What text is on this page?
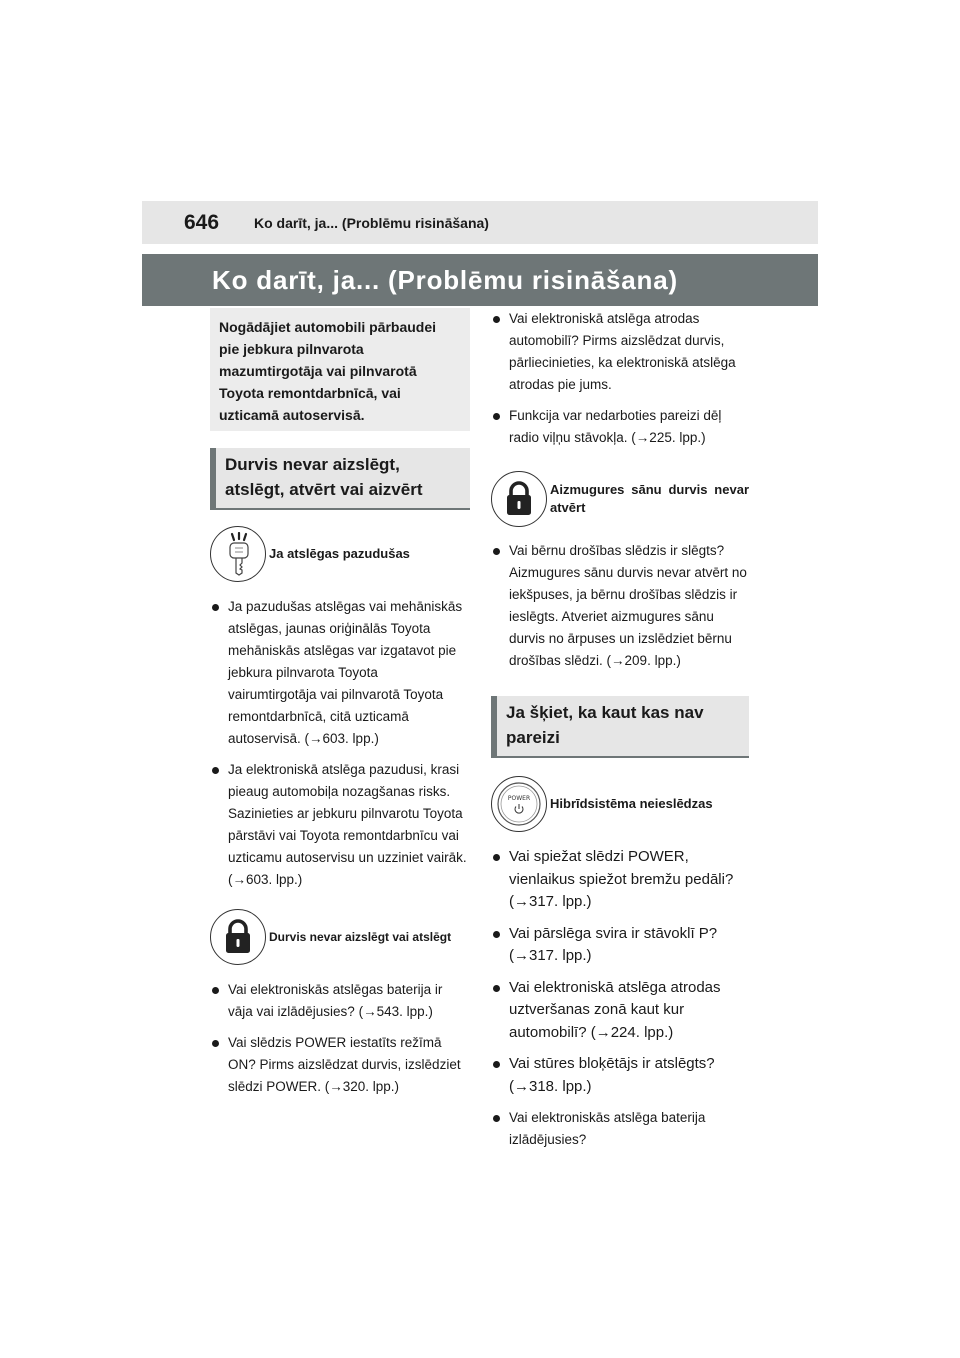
646	Ko darīt, ja... (Problēmu risināšana)
Ko darīt, ja... (Problēmu risināšana)
Nogādājiet automobili pārbaudei pie jebkura pilnvarota mazumtirgotāja vai pilnvarotā Toyota remontdarbnīcā, vai uzticamā autoservisā.
Durvis nevar aizslēgt, atslēgt, atvērt vai aizvērt
Ja atslēgas pazudušas
Ja pazudušas atslēgas vai mehāniskās atslēgas, jaunas oriģinālās Toyota mehāniskās atslēgas var izgatavot pie jebkura pilnvarota Toyota vairumtirgotāja vai pilnvarotā Toyota remontdarbnīcā, citā uzticamā autoservisā. (→603. lpp.)
Ja elektroniskā atslēga pazudusi, krasi pieaug automobiļa nozagšanas risks. Sazinieties ar jebkuru pilnvarotu Toyota pārstāvi vai Toyota remontdarbnīcu vai uzticamu autoservisu un uzziniet vairāk. (→603. lpp.)
Durvis nevar aizslēgt vai atslēgt
Vai elektroniskās atslēgas baterija ir vāja vai izlādējusies? (→543. lpp.)
Vai slēdzis POWER iestatīts režīmā ON? Pirms aizslēdzat durvis, izslēdziet slēdzi POWER. (→320. lpp.)
Vai elektroniskā atslēga atrodas automobilī? Pirms aizslēdzat durvis, pārliecinieties, ka elektroniskā atslēga atrodas pie jums.
Funkcija var nedarboties pareizi dēļ radio viļņu stāvokļa. (→225. lpp.)
Aizmugures sānu durvis nevar atvērt
Vai bērnu drošības slēdzis ir slēgts? Aizmugures sānu durvis nevar atvērt no iekšpuses, ja bērnu drošības slēdzis ir ieslēgts. Atveriet aizmugures sānu durvis no ārpuses un izslēdziet bērnu drošības slēdzi. (→209. lpp.)
Ja šķiet, ka kaut kas nav pareizi
POWER Hibrīdsistēma neieslēdzas
Vai spiežat slēdzi POWER, vienlaikus spiežot bremžu pedāli? (→317. lpp.)
Vai pārslēga svira ir stāvoklī P? (→317. lpp.)
Vai elektroniskā atslēga atrodas uztveršanas zonā kaut kur automobilī? (→224. lpp.)
Vai stūres bloķētājs ir atslēgts? (→318. lpp.)
Vai elektroniskās atslēga baterija izlādējusies?
